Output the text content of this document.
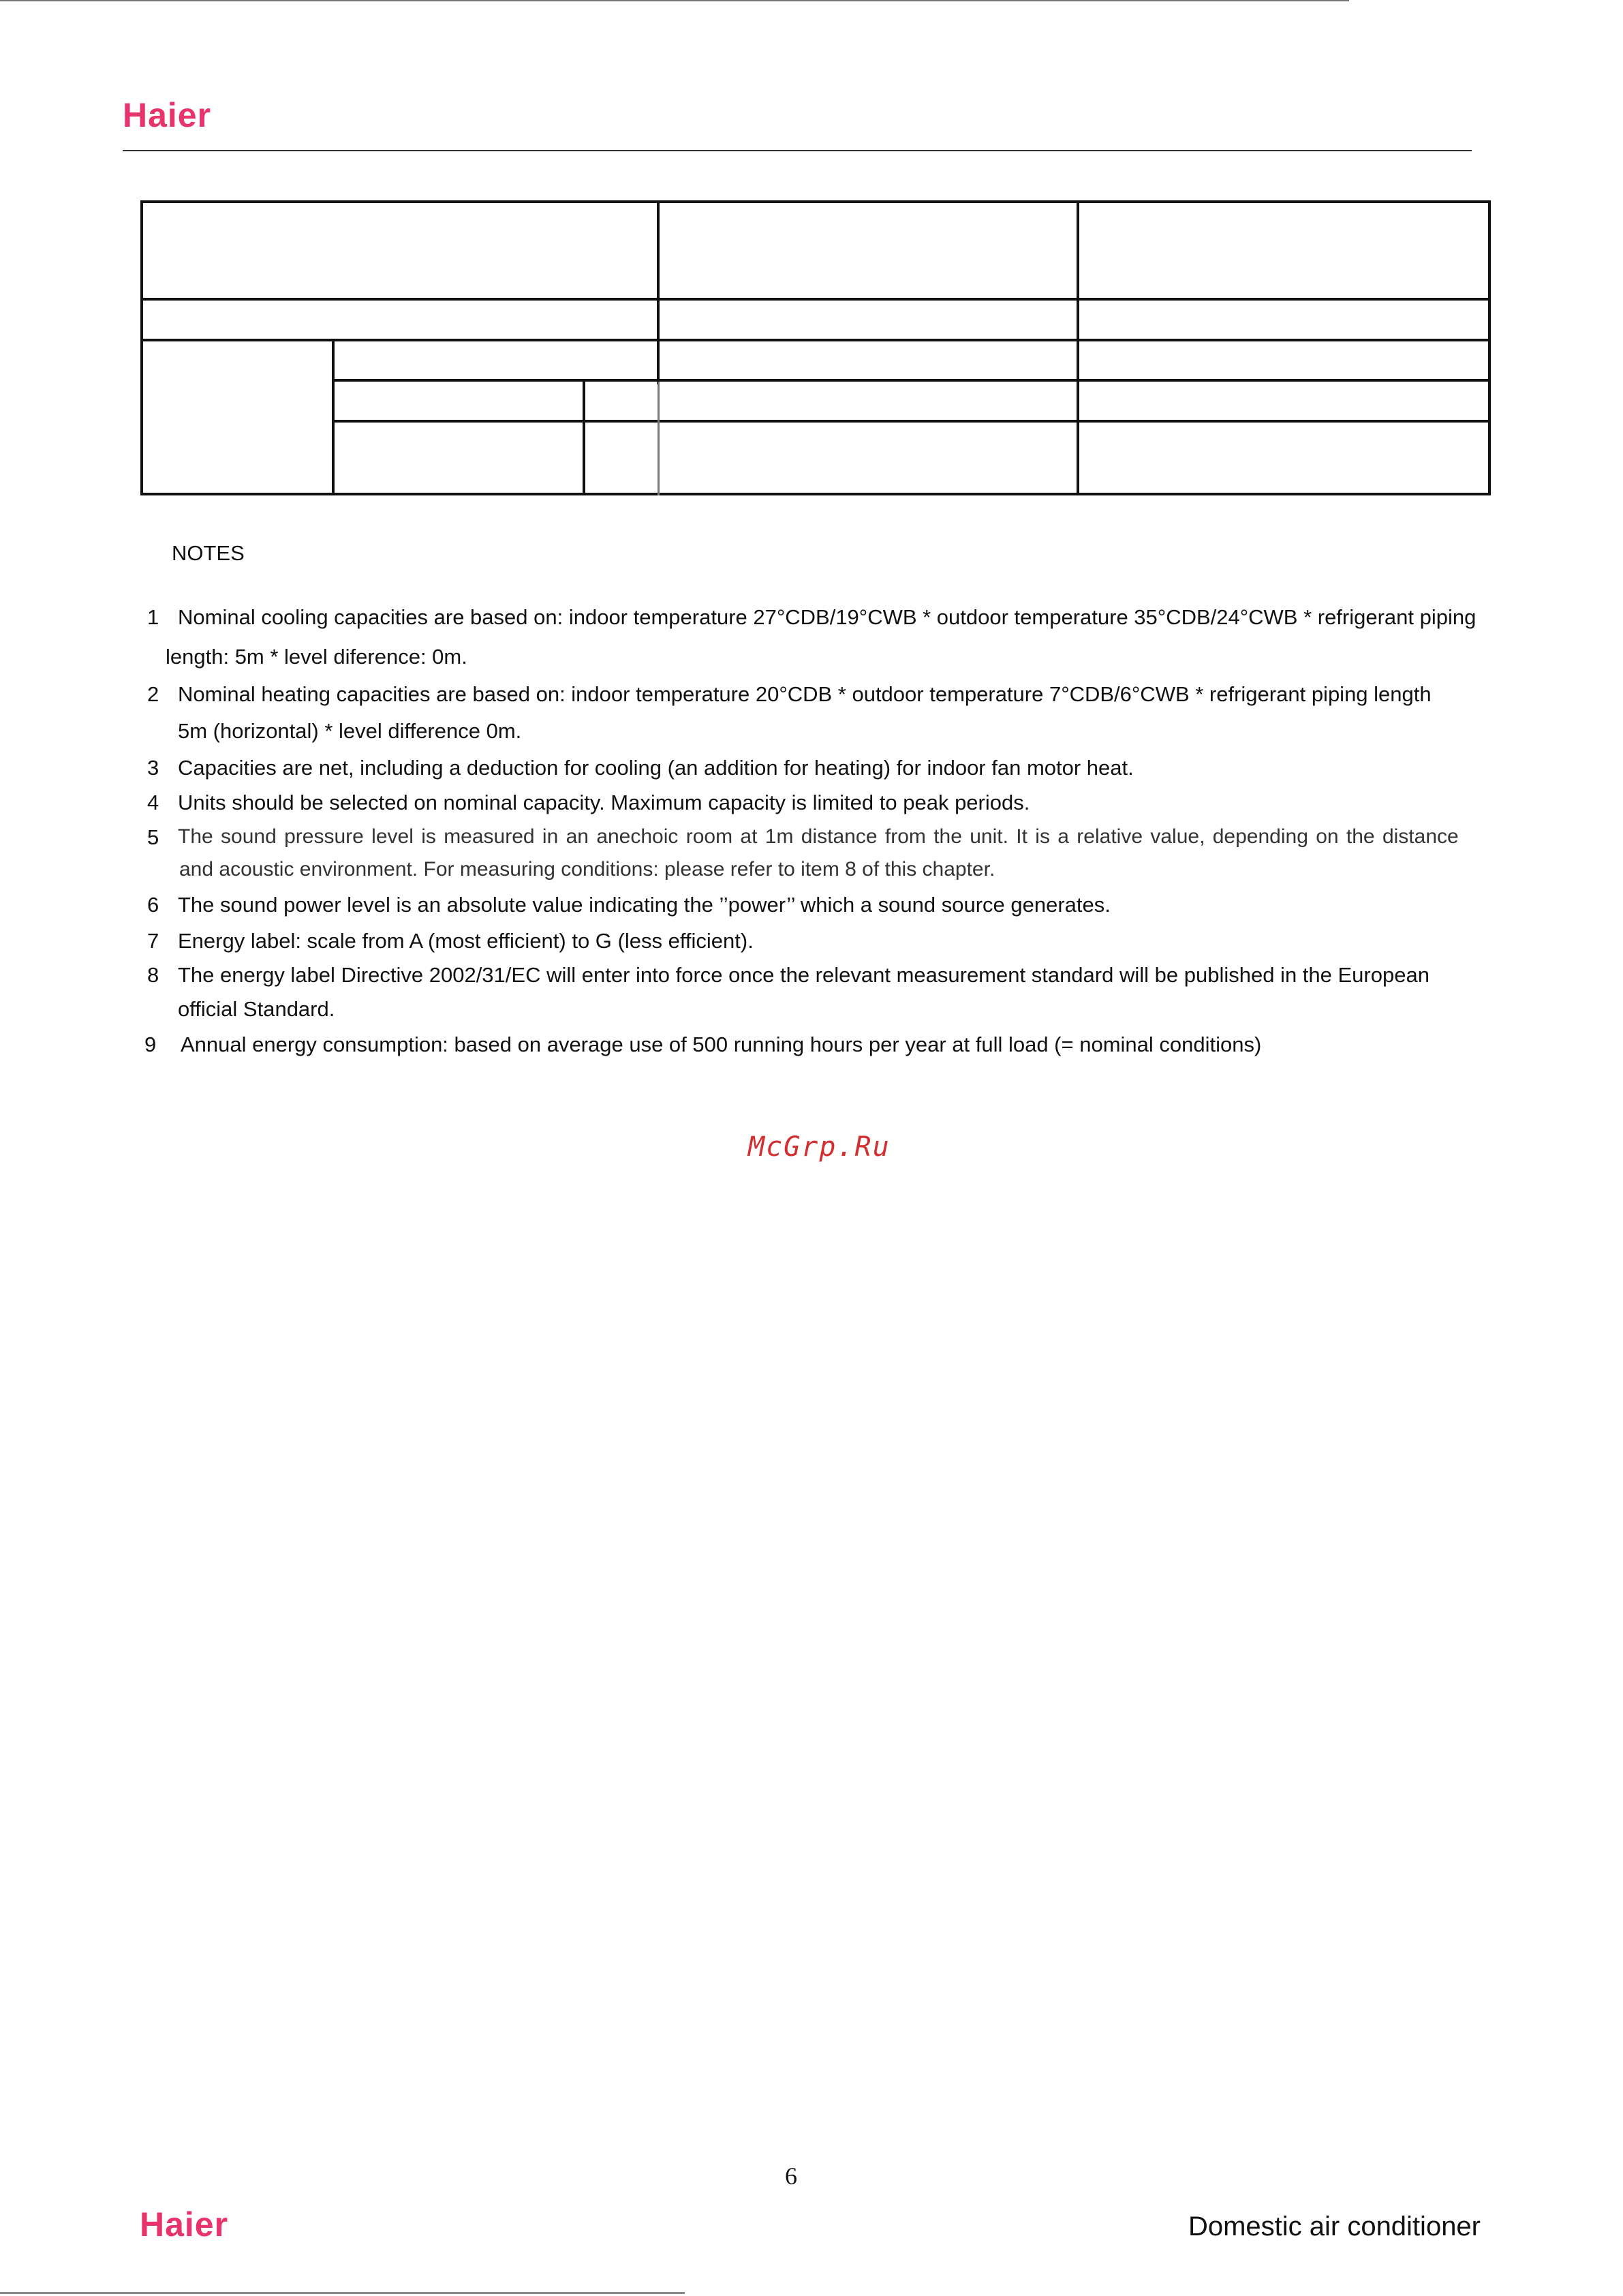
Haier
NOTES
1 Nominal cooling capacities are based on: indoor temperature 27°CDB/19°CWB * outdoor temperature 35°CDB/24°CWB * refrigerant piping
length: 5m * level diference: 0m.
2 Nominal heating capacities are based on: indoor temperature 20°CDB * outdoor temperature 7°CDB/6°CWB * refrigerant piping length
5m (horizontal) * level difference 0m.
3 Capacities are net, including a deduction for cooling (an addition for heating) for indoor fan motor heat.
4 Units should be selected on nominal capacity. Maximum capacity is limited to peak periods.
5 The sound pressure level is measured in an anechoic room at 1m distance from the unit. It is a relative value, depending on the distance
and acoustic environment. For measuring conditions: please refer to item 8 of this chapter.
6 The sound power level is an absolute value indicating the ’’power’’ which a sound source generates.
7 Energy label: scale from A (most efficient) to G (less efficient).
8 The energy label Directive 2002/31/EC will enter into force once the relevant measurement standard will be published in the European
official Standard.
9 Annual energy consumption: based on average use of 500 running hours per year at full load (= nominal conditions)
McGrp.Ru
6
Haier	Domestic air conditioner
